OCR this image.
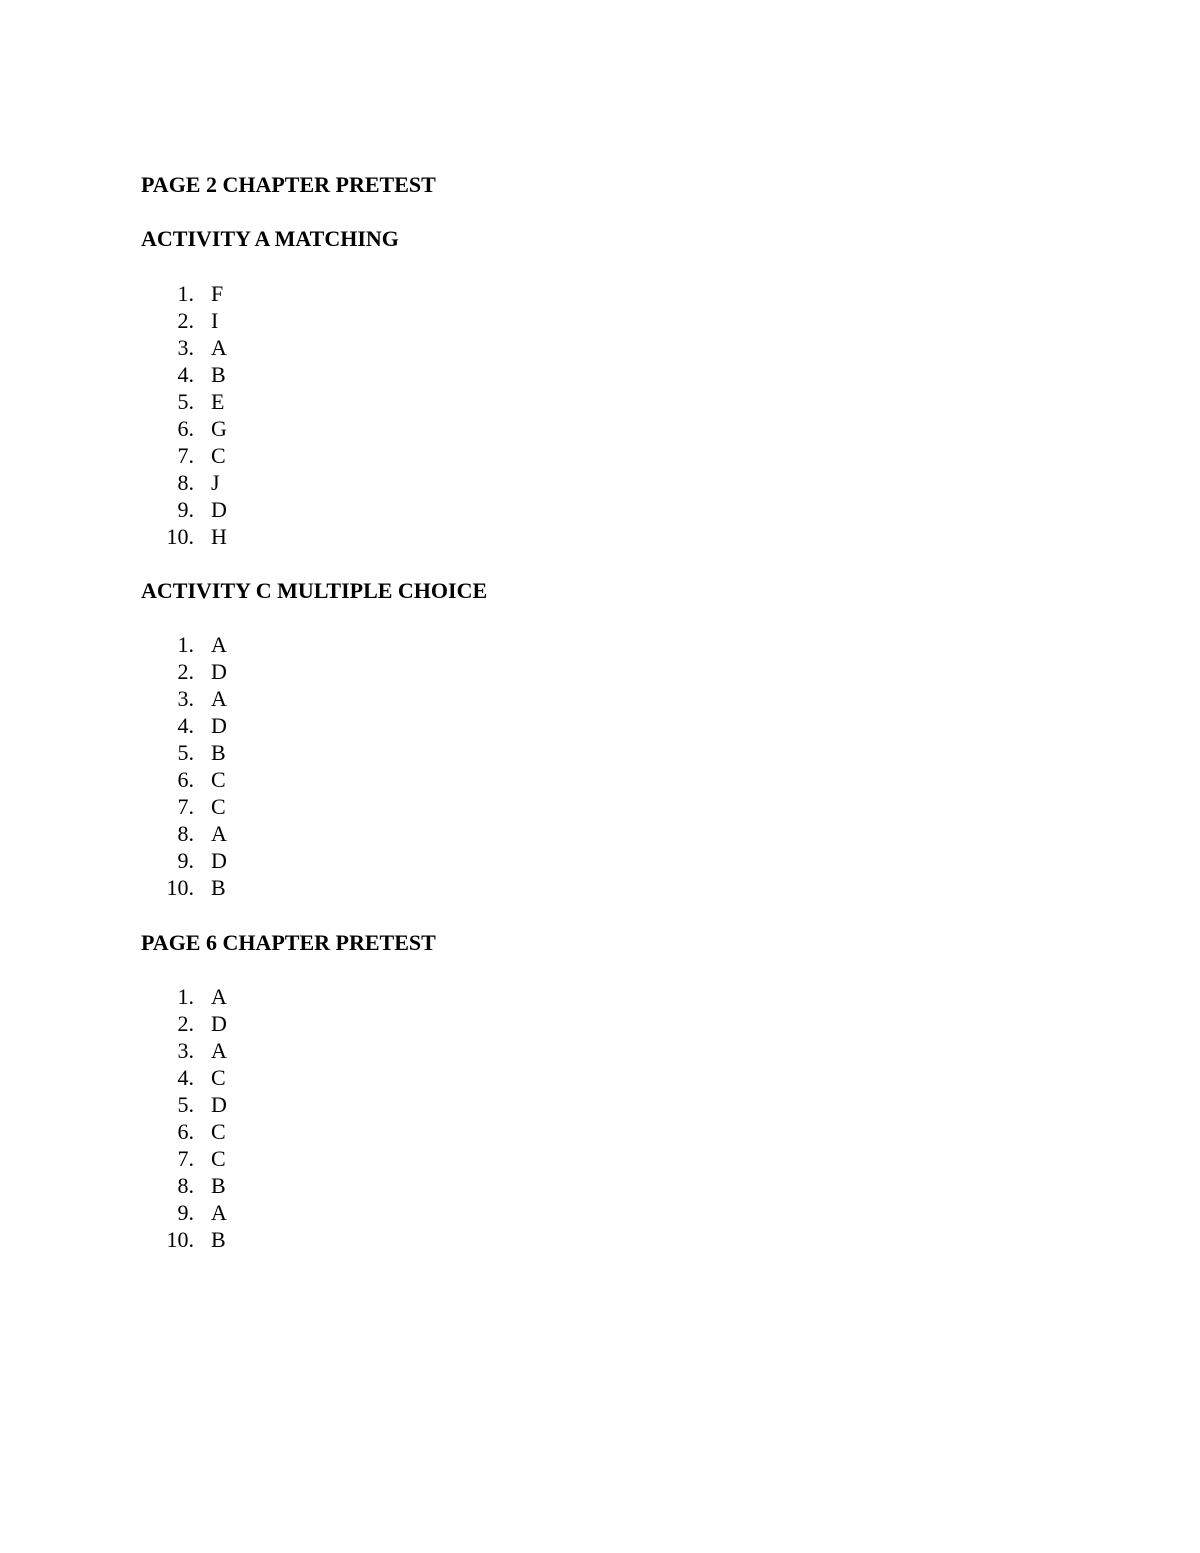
PAGE 2 CHAPTER PRETEST
ACTIVITY A MATCHING
1. F
2. I
3. A
4. B
5. E
6. G
7. C
8. J
9. D
10. H
ACTIVITY C MULTIPLE CHOICE
1. A
2. D
3. A
4. D
5. B
6. C
7. C
8. A
9. D
10. B
PAGE 6 CHAPTER PRETEST
1. A
2. D
3. A
4. C
5. D
6. C
7. C
8. B
9. A
10. B
